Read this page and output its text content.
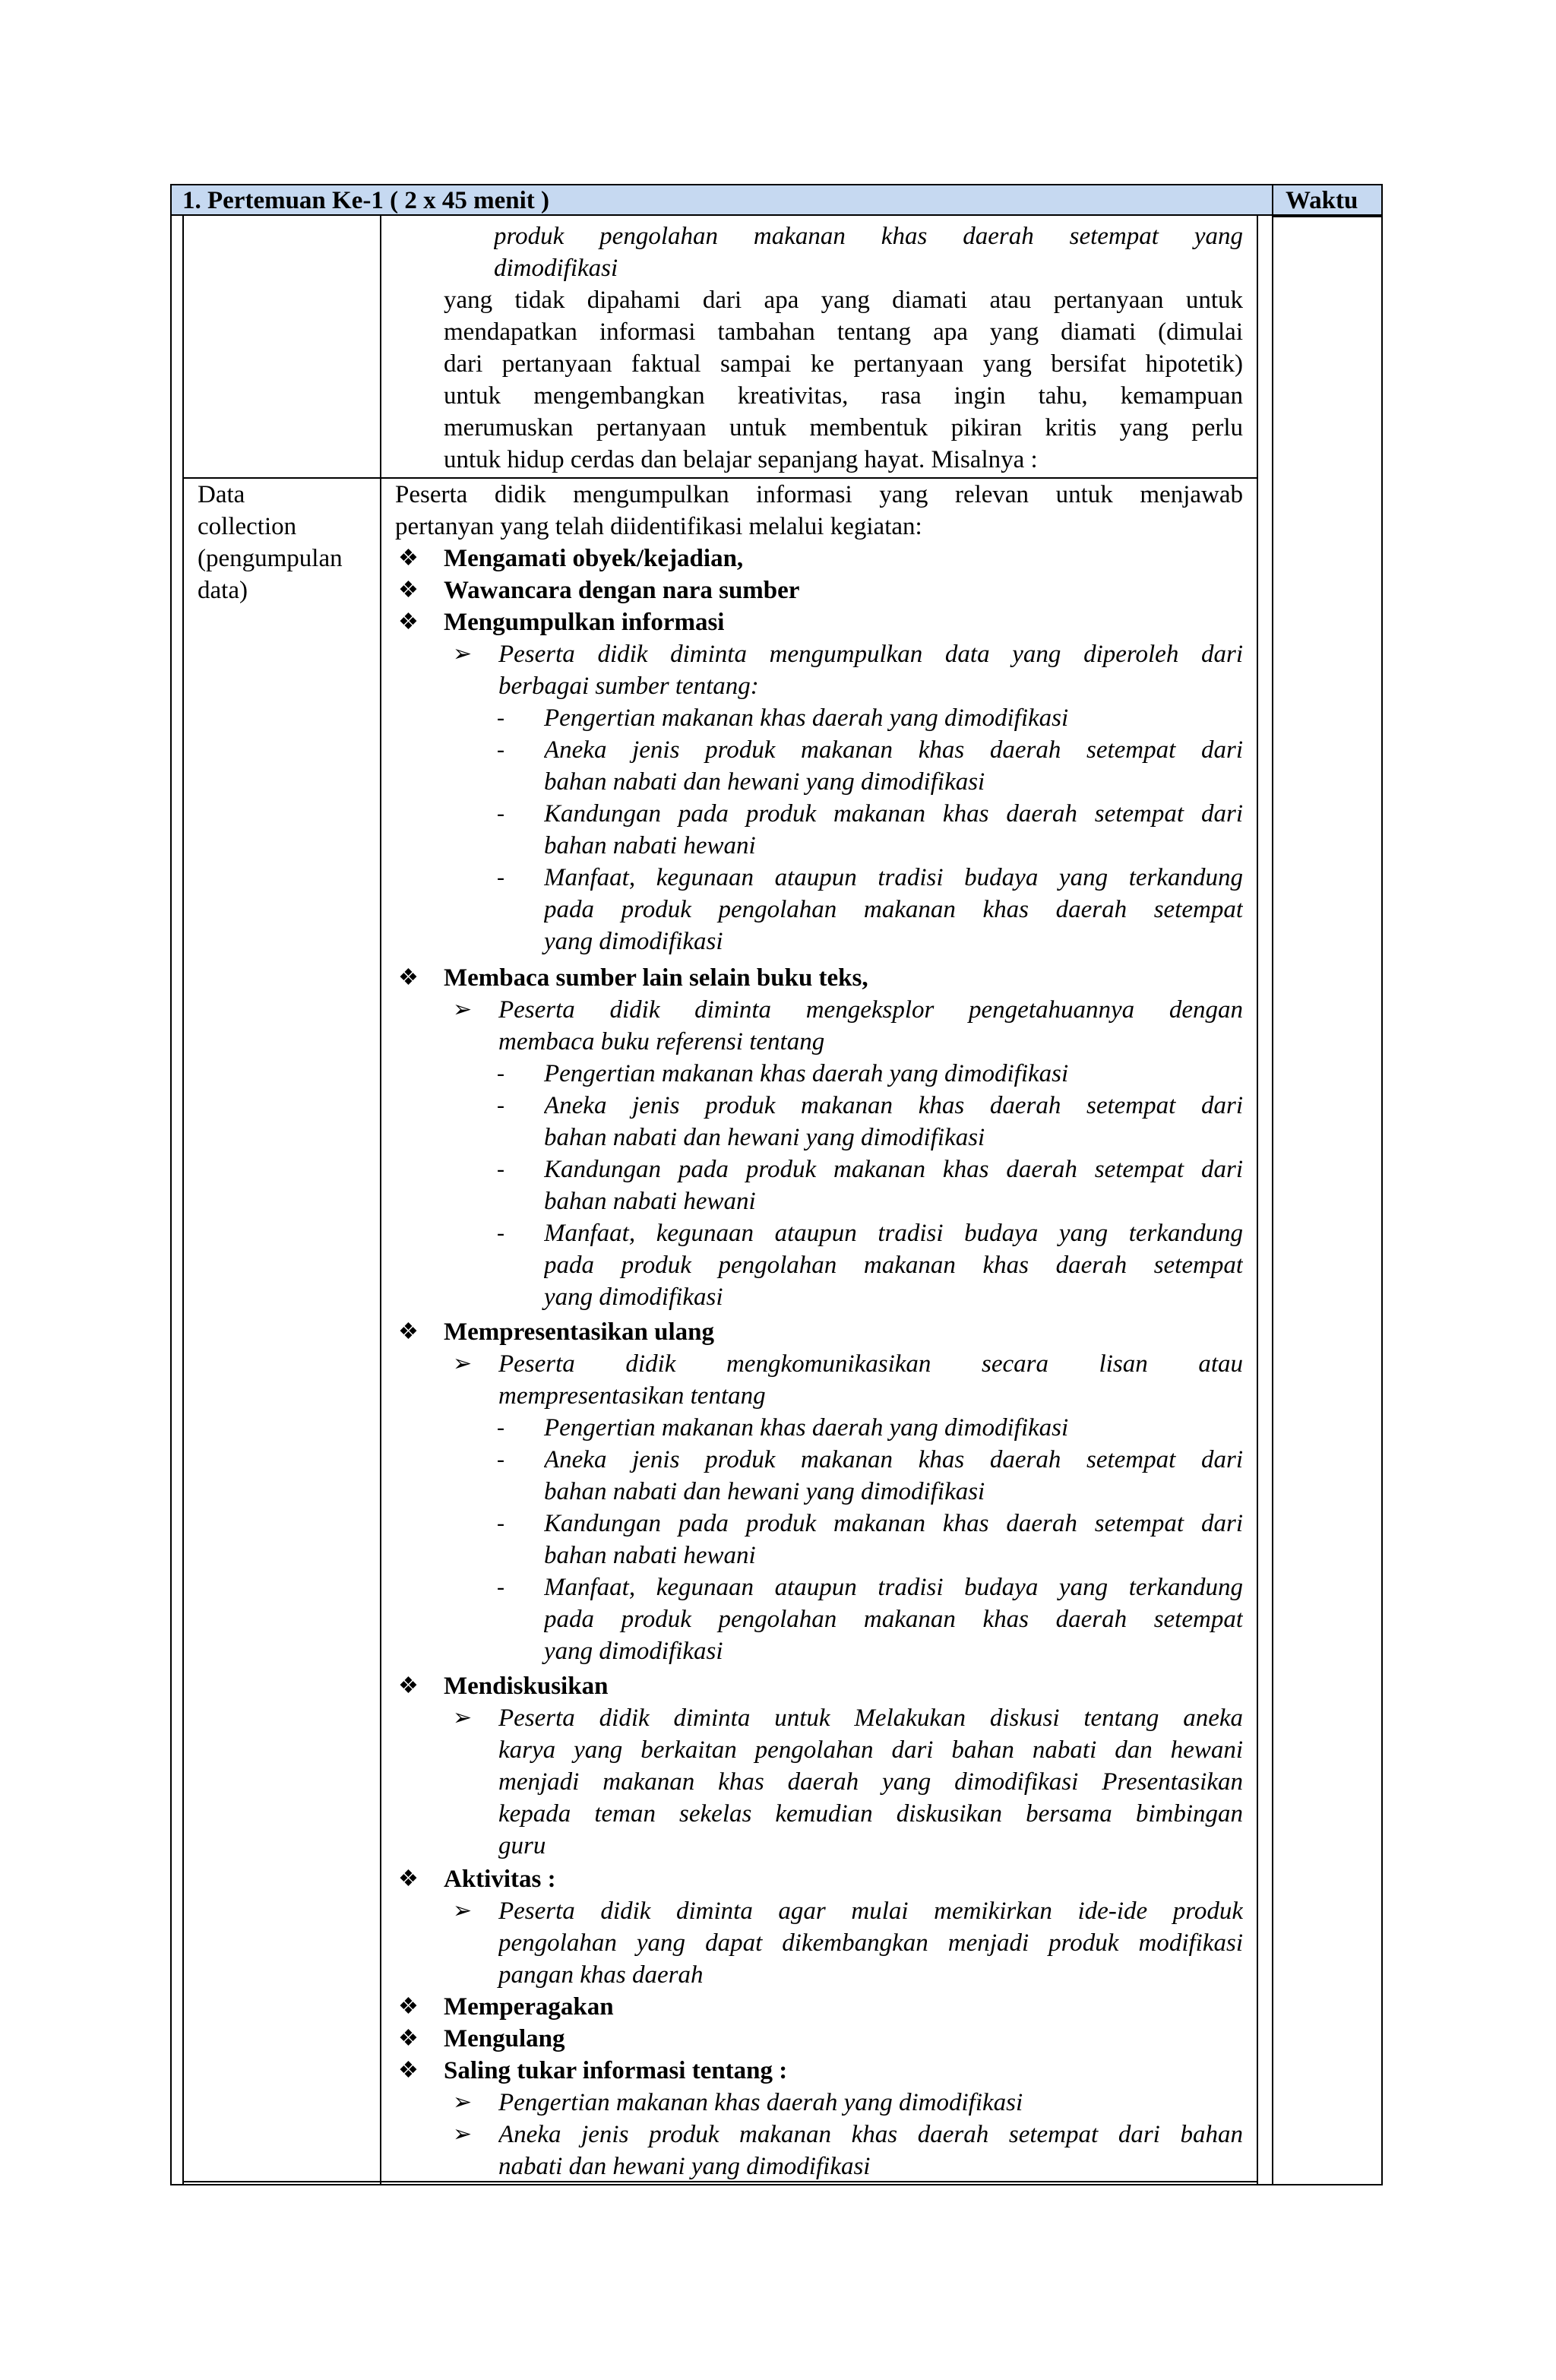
1. Pertemuan Ke-1 ( 2 x 45 menit )	Waktu
produk pengolahan makanan khas daerah setempat yang
dimodifikasi
yang tidak dipahami dari apa yang diamati atau pertanyaan untuk
mendapatkan informasi tambahan tentang apa yang diamati (dimulai
dari pertanyaan faktual sampai ke pertanyaan yang bersifat hipotetik)
untuk mengembangkan kreativitas, rasa ingin tahu, kemampuan
merumuskan pertanyaan untuk membentuk pikiran kritis yang perlu
untuk hidup cerdas dan belajar sepanjang hayat. Misalnya :
Data
collection
(pengumpulan
data)
Peserta didik mengumpulkan informasi yang relevan untuk menjawab
pertanyan yang telah diidentifikasi melalui kegiatan:
❖ Mengamati obyek/kejadian,
❖ Wawancara dengan nara sumber
❖ Mengumpulkan informasi
➢ Peserta didik diminta mengumpulkan data yang diperoleh dari
berbagai sumber tentang:
- Pengertian makanan khas daerah yang dimodifikasi
- Aneka jenis produk makanan khas daerah setempat dari
bahan nabati dan hewani yang dimodifikasi
- Kandungan pada produk makanan khas daerah setempat dari
bahan nabati hewani
- Manfaat, kegunaan ataupun tradisi budaya yang terkandung
pada produk pengolahan makanan khas daerah setempat
yang dimodifikasi
❖ Membaca sumber lain selain buku teks,
➢ Peserta didik diminta mengeksplor pengetahuannya dengan
membaca buku referensi tentang
- Pengertian makanan khas daerah yang dimodifikasi
- Aneka jenis produk makanan khas daerah setempat dari
bahan nabati dan hewani yang dimodifikasi
- Kandungan pada produk makanan khas daerah setempat dari
bahan nabati hewani
- Manfaat, kegunaan ataupun tradisi budaya yang terkandung
pada produk pengolahan makanan khas daerah setempat
yang dimodifikasi
❖ Mempresentasikan ulang
➢ Peserta didik mengkomunikasikan secara lisan atau
mempresentasikan tentang
- Pengertian makanan khas daerah yang dimodifikasi
- Aneka jenis produk makanan khas daerah setempat dari
bahan nabati dan hewani yang dimodifikasi
- Kandungan pada produk makanan khas daerah setempat dari
bahan nabati hewani
- Manfaat, kegunaan ataupun tradisi budaya yang terkandung
pada produk pengolahan makanan khas daerah setempat
yang dimodifikasi
❖ Mendiskusikan
➢ Peserta didik diminta untuk Melakukan diskusi tentang aneka
karya yang berkaitan pengolahan dari bahan nabati dan hewani
menjadi makanan khas daerah yang dimodifikasi Presentasikan
kepada teman sekelas kemudian diskusikan bersama bimbingan
guru
❖ Aktivitas :
➢ Peserta didik diminta agar mulai memikirkan ide-ide produk
pengolahan yang dapat dikembangkan menjadi produk modifikasi
pangan khas daerah
❖ Memperagakan
❖ Mengulang
❖ Saling tukar informasi tentang :
➢ Pengertian makanan khas daerah yang dimodifikasi
➢ Aneka jenis produk makanan khas daerah setempat dari bahan
nabati dan hewani yang dimodifikasi
